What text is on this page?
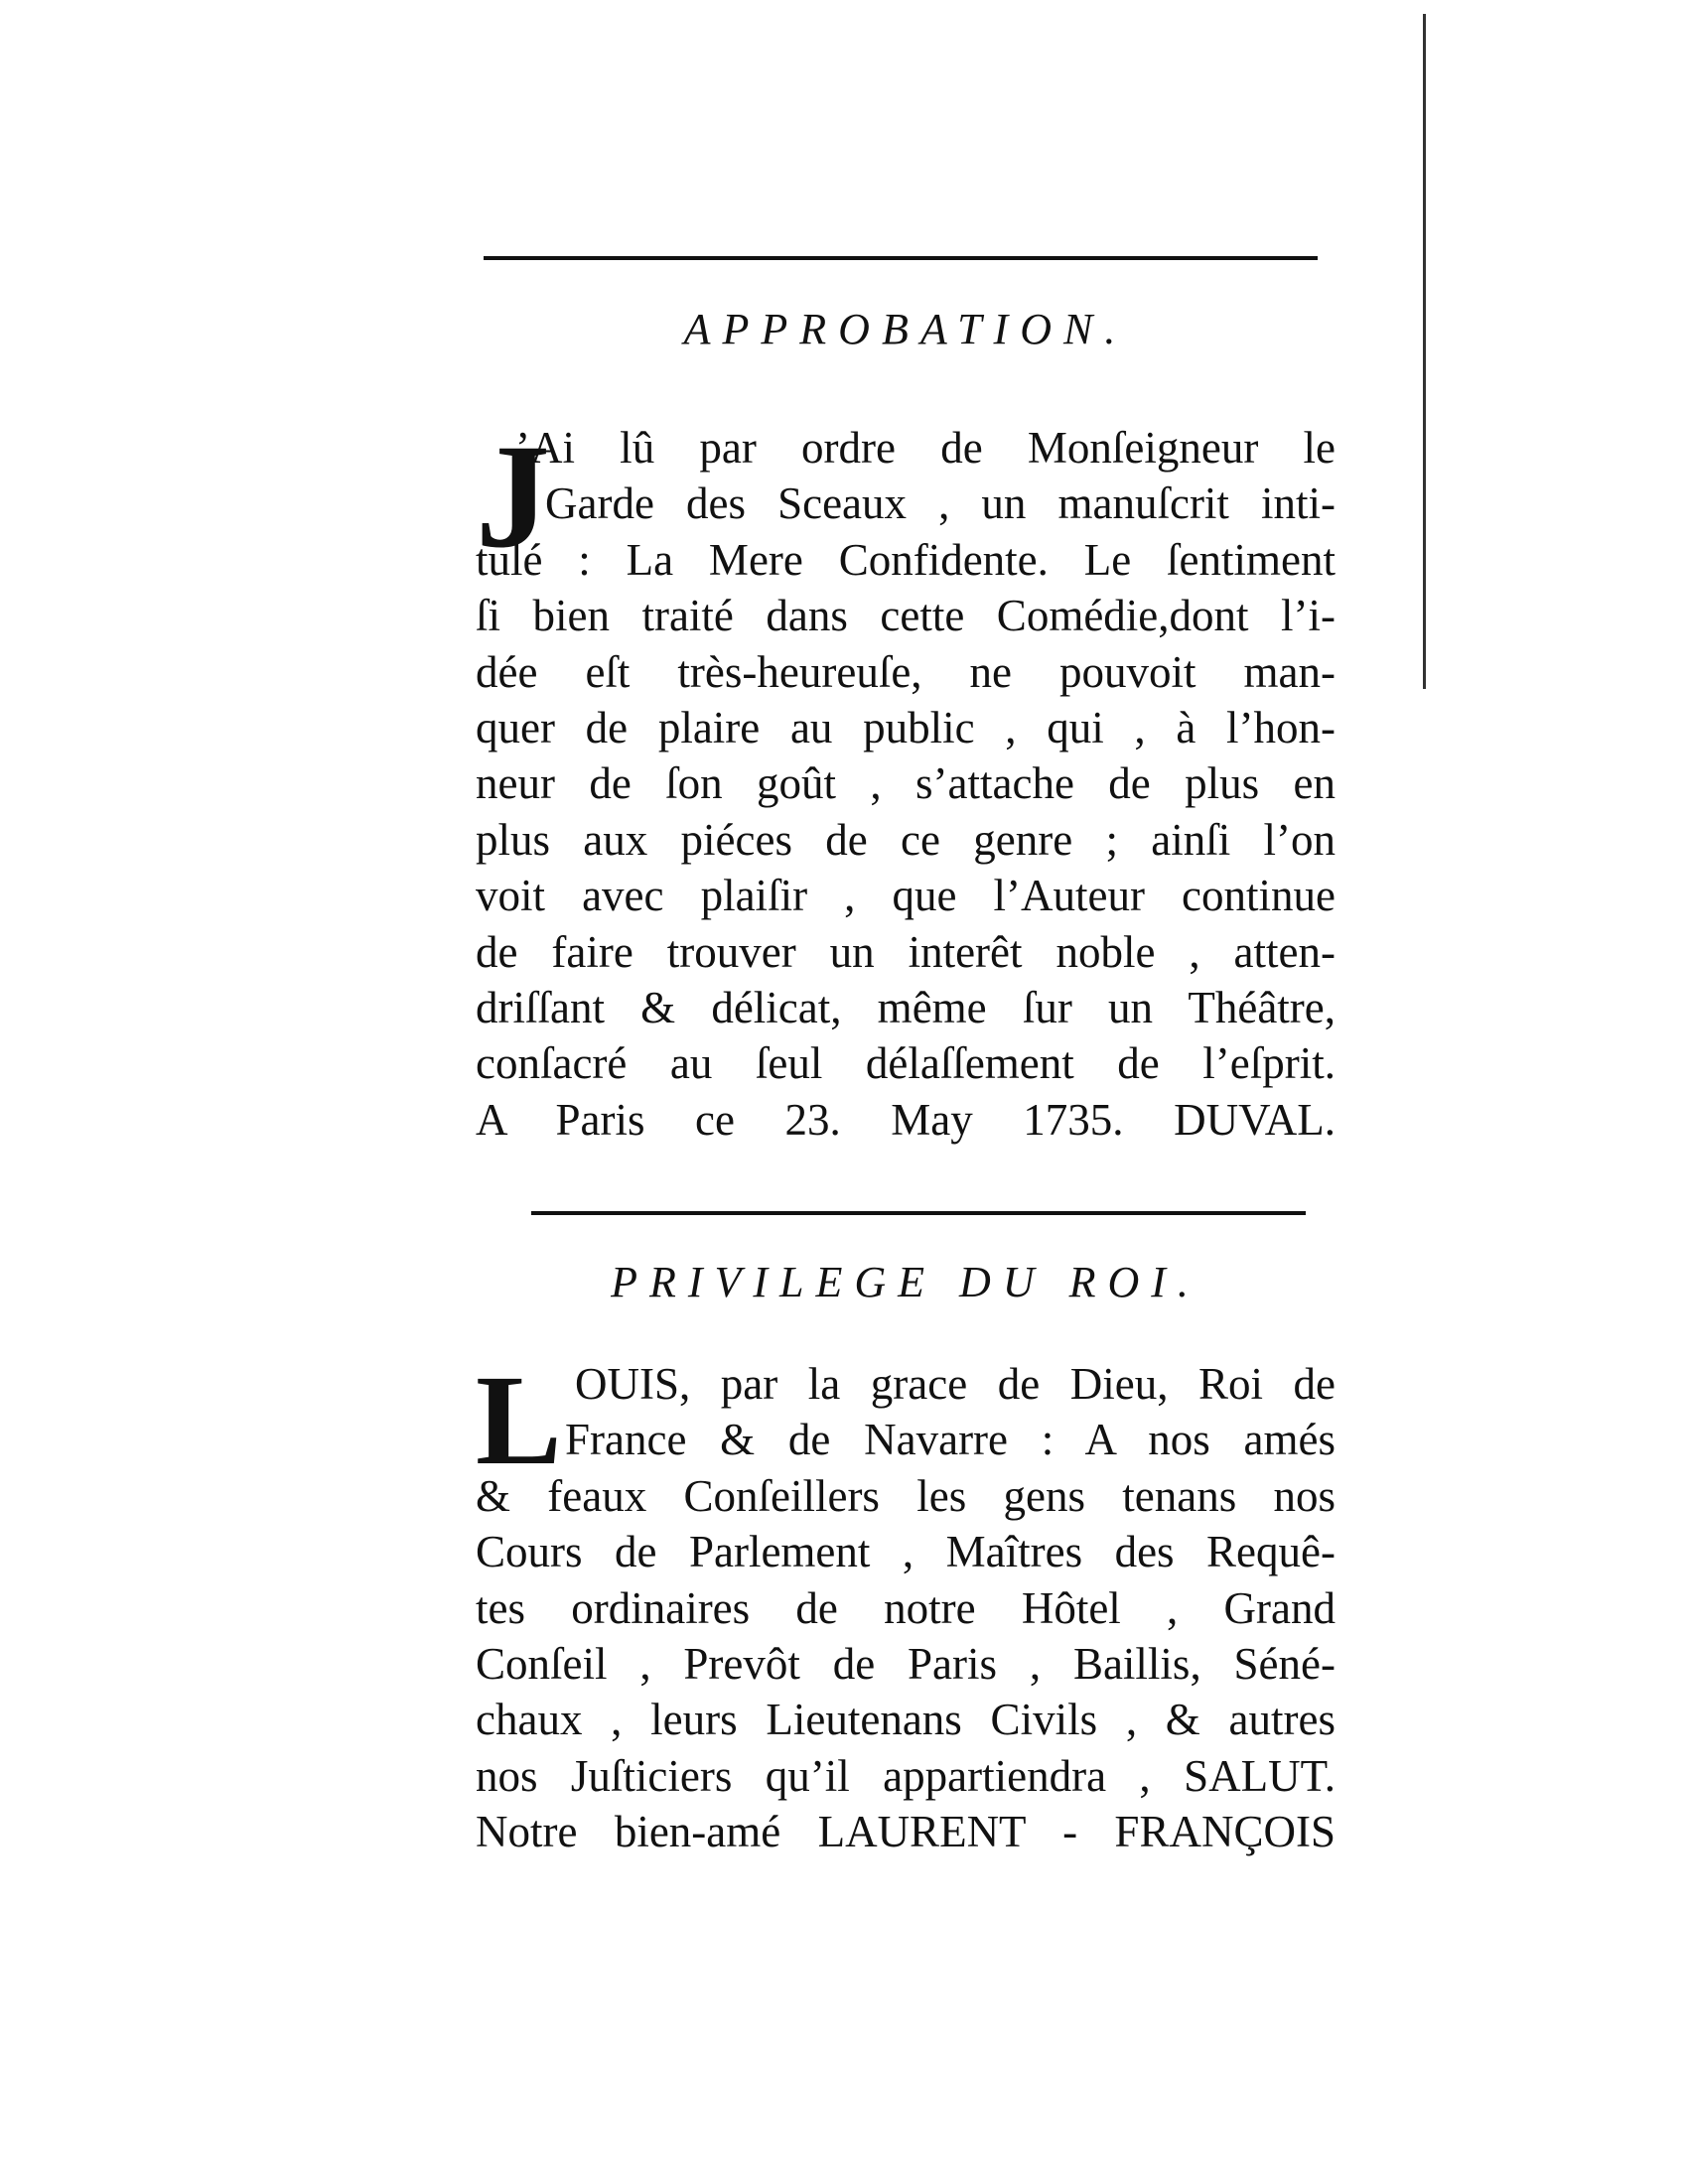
APPROBATION.
J
’Ai lû par ordre de Monſeigneur le
Garde des Sceaux , un manuſcrit inti-
tulé : La Mere Confidente. Le ſentiment
ſi bien traité dans cette Comédie,dont l’i-
dée eſt très-heureuſe, ne pouvoit man-
quer de plaire au public , qui , à l’hon-
neur de ſon goût , s’attache de plus en
plus aux piéces de ce genre ; ainſi l’on
voit avec plaiſir , que l’Auteur continue
de faire trouver un interêt noble , atten-
driſſant & délicat, même ſur un Théâtre,
conſacré au ſeul délaſſement de l’eſprit.
A Paris ce 23. May 1735. DUVAL.
PRIVILEGE DU ROI.
L OUIS, par la grace de Dieu, Roi de
France & de Navarre : A nos amés
& feaux Conſeillers les gens tenans nos
Cours de Parlement , Maîtres des Requê-
tes ordinaires de notre Hôtel , Grand
Conſeil , Prevôt de Paris , Baillis, Séné-
chaux , leurs Lieutenans Civils , & autres
nos Juſticiers qu’il appartiendra , SALUT.
Notre bien-amé LAURENT - FRANÇOIS
